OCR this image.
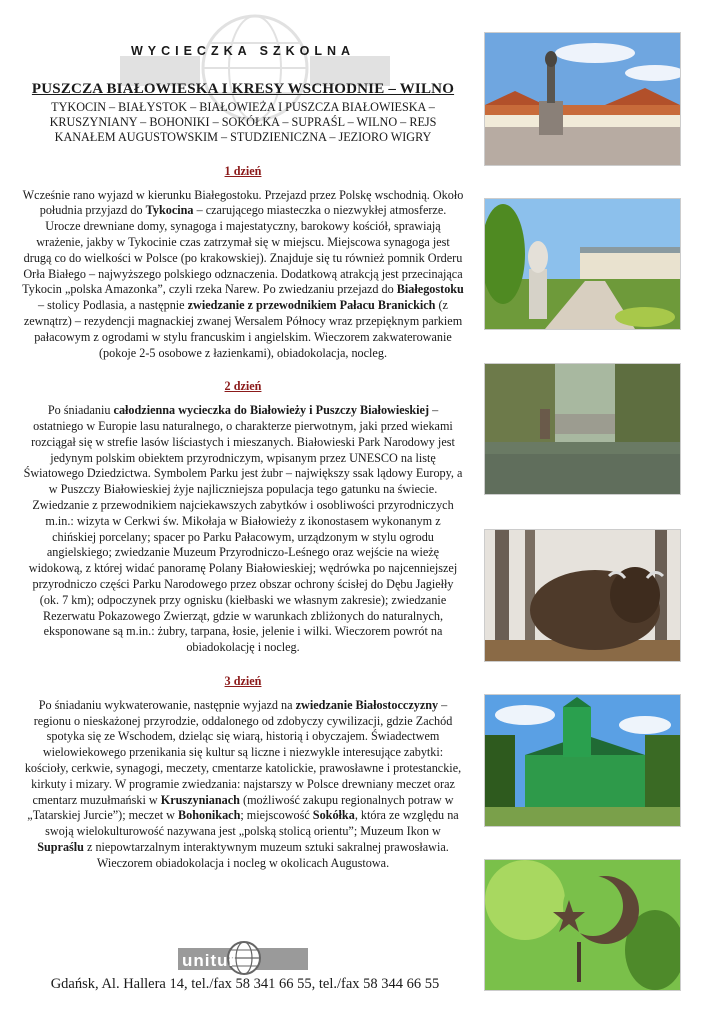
WYCIECZKA SZKOLNA
PUSZCZA BIAŁOWIESKA I KRESY WSCHODNIE – WILNO
TYKOCIN – BIAŁYSTOK – BIAŁOWIEŻA I PUSZCZA BIAŁOWIESKA –
KRUSZYNIANY – BOHONIKI – SOKÓŁKA – SUPRAŚL – WILNO – REJS
KANAŁEM AUGUSTOWSKIM – STUDZIENICZNA – JEZIORO WIGRY
1 dzień

Wcześnie rano wyjazd w kierunku Białegostoku. Przejazd przez Polskę wschodnią. Około południa przyjazd do Tykocina – czarującego miasteczka o niezwykłej atmosferze. Urocze drewniane domy, synagoga i majestatyczny, barokowy kościół, sprawiają wrażenie, jakby w Tykocinie czas zatrzymał się w miejscu. Miejscowa synagoga jest drugą co do wielkości w Polsce (po krakowskiej). Znajduje się tu również pomnik Orderu Orła Białego – najwyższego polskiego odznaczenia. Dodatkową atrakcją jest przecinająca Tykocin „polska Amazonka”, czyli rzeka Narew. Po zwiedzaniu przejazd do Białegostoku – stolicy Podlasia, a następnie zwiedzanie z przewodnikiem Pałacu Branickich (z zewnątrz) – rezydencji magnackiej zwanej Wersalem Północy wraz przepięknym parkiem pałacowym z ogrodami w stylu francuskim i angielskim. Wieczorem zakwaterowanie (pokoje 2-5 osobowe z łazienkami), obiadokolacja, nocleg.

2 dzień

Po śniadaniu całodzienna wycieczka do Białowieży i Puszczy Białowieskiej – ostatniego w Europie lasu naturalnego, o charakterze pierwotnym, jaki przed wiekami rozciągał się w strefie lasów liściastych i mieszanych. Białowieski Park Narodowy jest jedynym polskim obiektem przyrodniczym, wpisanym przez UNESCO na listę Światowego Dziedzictwa. Symbolem Parku jest żubr – największy ssak lądowy Europy, a w Puszczy Białowieskiej żyje najliczniejsza populacja tego gatunku na świecie. Zwiedzanie z przewodnikiem najciekawszych zabytków i osobliwości przyrodniczych m.in.: wizyta w Cerkwi św. Mikołaja w Białowieży z ikonostasem wykonanym z chińskiej porcelany; spacer po Parku Pałacowym, urządzonym w stylu ogrodu angielskiego; zwiedzanie Muzeum Przyrodniczo-Leśnego oraz wejście na wieżę widokową, z której widać panoramę Polany Białowieskiej; wędrówka po najcenniejszej przyrodniczo części Parku Narodowego przez obszar ochrony ścisłej do Dębu Jagiełły (ok. 7 km); odpoczynek przy ognisku (kiełbaski we własnym zakresie); zwiedzanie Rezerwatu Pokazowego Zwierząt, gdzie w warunkach zbliżonych do naturalnych, eksponowane są m.in.: żubry, tarpana, łosie, jelenie i wilki. Wieczorem powrót na obiadokolację i nocleg.

3 dzień

Po śniadaniu wykwaterowanie, następnie wyjazd na zwiedzanie Białostocczyzny – regionu o nieskażonej przyrodzie, oddalonego od zdobyczy cywilizacji, gdzie Zachód spotyka się ze Wschodem, dzieląc się wiarą, historią i obyczajem. Świadectwem wielowiekowego przenikania się kultur są liczne i niezwykle interesujące zabytki: kościoły, cerkwie, synagogi, meczety, cmentarze katolickie, prawosławne i protestanckie, kirkuty i mizary. W programie zwiedzania: najstarszy w Polsce drewniany meczet oraz cmentarz muzułmański w Kruszynianach (możliwość zakupu regionalnych potraw w „Tatarskiej Jurcie”); meczet w Bohonikach; miejscowość Sokółka, która ze względu na swoją wielokulturowość nazywana jest „polską stolicą orientu”; Muzeum Ikon w Supraślu z niepowtarzalnym interaktywnym muzeum sztuki sakralnej prawosławia. Wieczorem obiadokolacja i nocleg w okolicach Augustowa.

unitur
Gdańsk, Al. Hallera 14, tel./fax 58 341 66 55, tel./fax 58 344 66 55
